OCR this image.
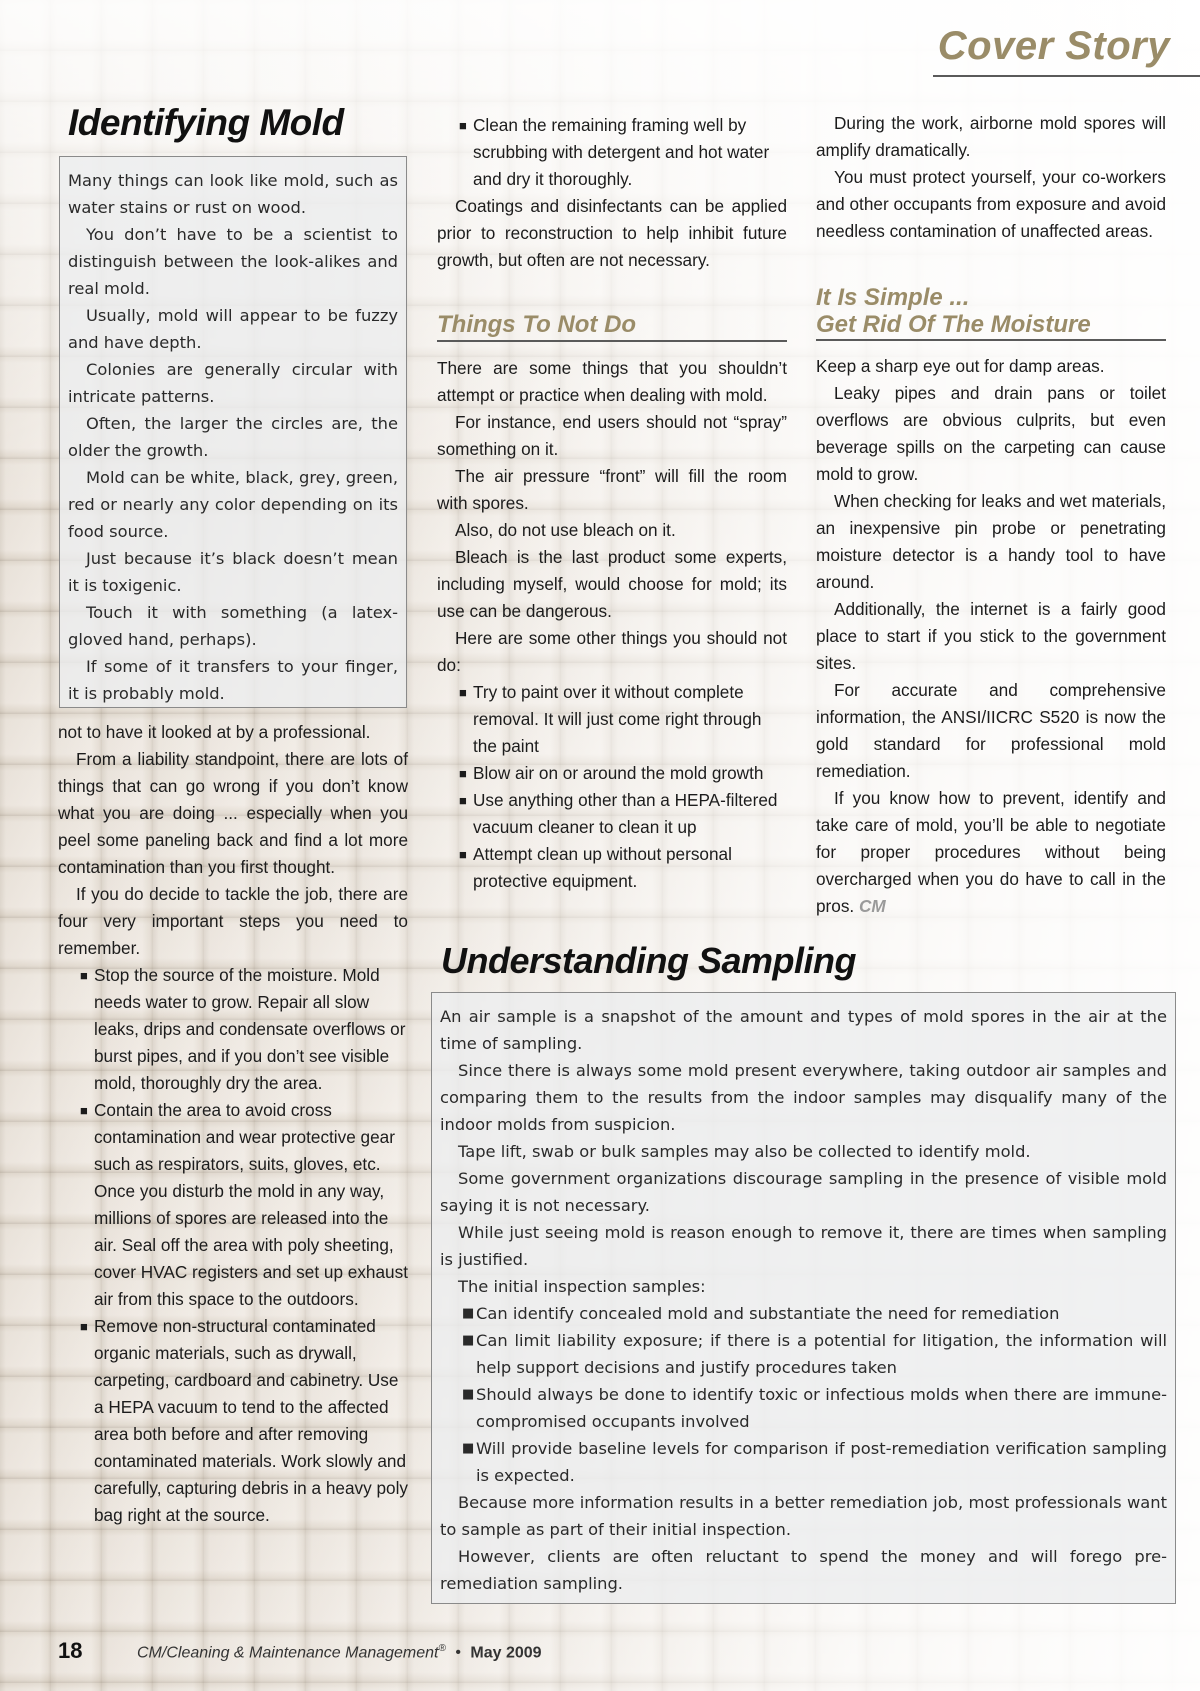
Cover Story
Identifying Mold

Many things can look like mold, such as water stains or rust on wood.

You don’t have to be a scientist to distinguish between the look-alikes and real mold.

Usually, mold will appear to be fuzzy and have depth.

Colonies are generally circular with intricate patterns.

Often, the larger the circles are, the older the growth.

Mold can be white, black, grey, green, red or nearly any color depending on its food source.

Just because it’s black doesn’t mean it is toxigenic.

Touch it with something (a latex-gloved hand, perhaps).

If some of it transfers to your finger, it is probably mold.

not to have it looked at by a professional.

From a liability standpoint, there are lots of things that can go wrong if you don’t know what you are doing ... especially when you peel some paneling back and find a lot more contamination than you first thought.

If you do decide to tackle the job, there are four very important steps you need to remember.

■ Stop the source of the moisture. Mold needs water to grow. Repair all slow leaks, drips and condensate overflows or burst pipes, and if you don’t see visible mold, thoroughly dry the area.
■ Contain the area to avoid cross contamination and wear protective gear such as respirators, suits, gloves, etc. Once you disturb the mold in any way, millions of spores are released into the air. Seal off the area with poly sheeting, cover HVAC registers and set up exhaust air from this space to the outdoors.
■ Remove non-structural contaminated organic materials, such as drywall, carpeting, cardboard and cabinetry. Use a HEPA vacuum to tend to the affected area both before and after removing contaminated materials. Work slowly and carefully, capturing debris in a heavy poly bag right at the source.
■ Clean the remaining framing well by scrubbing with detergent and hot water and dry it thoroughly.

Coatings and disinfectants can be applied prior to reconstruction to help inhibit future growth, but often are not necessary.

Things To Not Do

There are some things that you shouldn’t attempt or practice when dealing with mold.

For instance, end users should not “spray” something on it.

The air pressure “front” will fill the room with spores.

Also, do not use bleach on it.

Bleach is the last product some experts, including myself, would choose for mold; its use can be dangerous.

Here are some other things you should not do:

■ Try to paint over it without complete removal. It will just come right through the paint
■ Blow air on or around the mold growth
■ Use anything other than a HEPA-filtered vacuum cleaner to clean it up
■ Attempt clean up without personal protective equipment.

During the work, airborne mold spores will amplify dramatically.

You must protect yourself, your co-workers and other occupants from exposure and avoid needless contamination of unaffected areas.

It Is Simple ...
Get Rid Of The Moisture

Keep a sharp eye out for damp areas.

Leaky pipes and drain pans or toilet overflows are obvious culprits, but even beverage spills on the carpeting can cause mold to grow.

When checking for leaks and wet materials, an inexpensive pin probe or penetrating moisture detector is a handy tool to have around.

Additionally, the internet is a fairly good place to start if you stick to the government sites.

For accurate and comprehensive information, the ANSI/IICRC S520 is now the gold standard for professional mold remediation.

If you know how to prevent, identify and take care of mold, you’ll be able to negotiate for proper procedures without being overcharged when you do have to call in the pros. CM

Understanding Sampling

An air sample is a snapshot of the amount and types of mold spores in the air at the time of sampling.

Since there is always some mold present everywhere, taking outdoor air samples and comparing them to the results from the indoor samples may disqualify many of the indoor molds from suspicion.

Tape lift, swab or bulk samples may also be collected to identify mold.

Some government organizations discourage sampling in the presence of visible mold saying it is not necessary.

While just seeing mold is reason enough to remove it, there are times when sampling is justified.

The initial inspection samples:

■ Can identify concealed mold and substantiate the need for remediation
■ Can limit liability exposure; if there is a potential for litigation, the information will help support decisions and justify procedures taken
■ Should always be done to identify toxic or infectious molds when there are immune-compromised occupants involved
■ Will provide baseline levels for comparison if post-remediation verification sampling is expected.

Because more information results in a better remediation job, most professionals want to sample as part of their initial inspection.

However, clients are often reluctant to spend the money and will forego pre-remediation sampling.

18	CM/Cleaning & Maintenance Management® • May 2009
